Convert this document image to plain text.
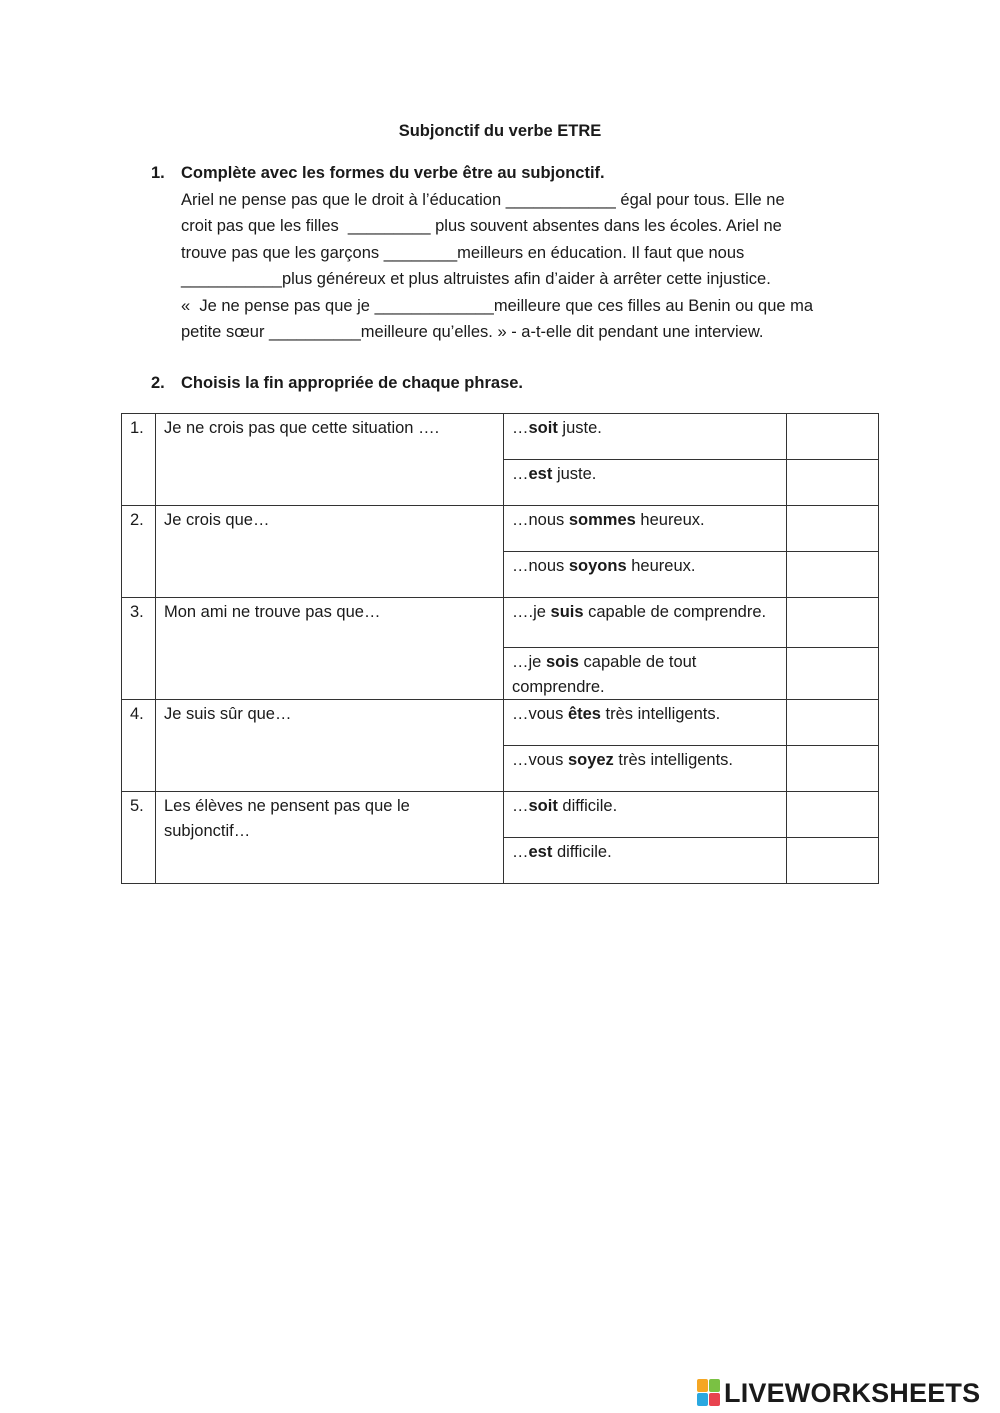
Subjonctif du verbe ETRE
1. Complète avec les formes du verbe être au subjonctif.
Ariel ne pense pas que le droit à l’éducation ____________ égal pour tous. Elle ne
croit pas que les filles  _________ plus souvent absentes dans les écoles. Ariel ne
trouve pas que les garçons ________meilleurs en éducation. Il faut que nous
___________plus généreux et plus altruistes afin d’aider à arrêter cette injustice.
«  Je ne pense pas que je _____________meilleure que ces filles au Benin ou que ma
petite sœur __________meilleure qu’elles. » - a-t-elle dit pendant une interview.
2. Choisis la fin appropriée de chaque phrase.
1.	Je ne crois pas que cette situation ….	…soit juste.	
		…est juste.	
2.	Je crois que…	…nous sommes heureux.	
		…nous soyons heureux.	
3.	Mon ami ne trouve pas que…	….je suis capable de comprendre.	
		…je sois capable de tout comprendre.	
4.	Je suis sûr que…	…vous êtes très intelligents.	
		…vous soyez très intelligents.	
5.	Les élèves ne pensent pas que le subjonctif…	…soit difficile.	
		…est difficile.	
LIVEWORKSHEETS
